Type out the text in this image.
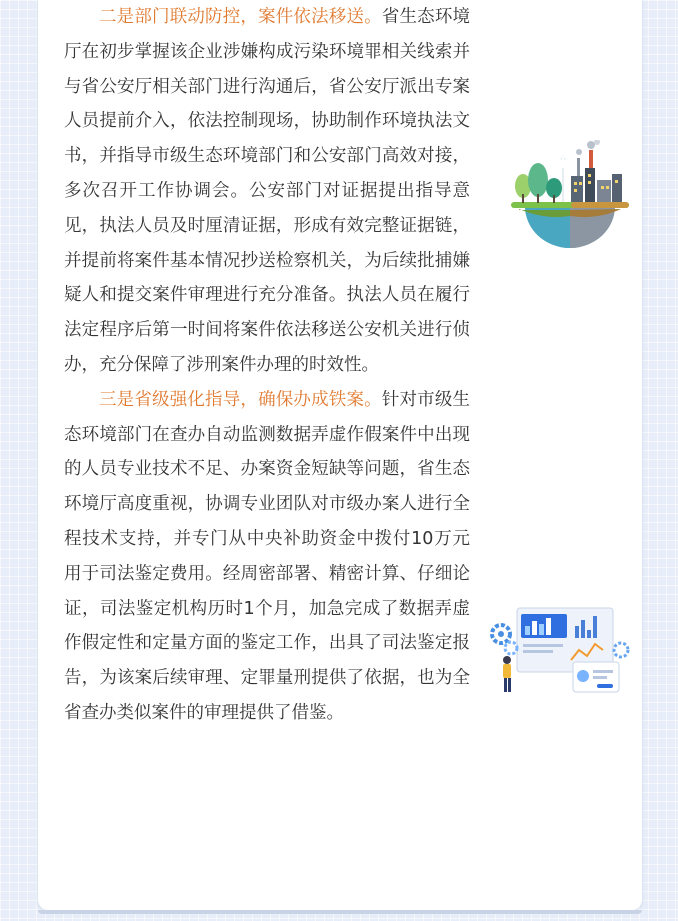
二是部门联动防控，案件依法移送。省生态环境厅在初步掌握该企业涉嫌构成污染环境罪相关线索并与省公安厅相关部门进行沟通后，省公安厅派出专案人员提前介入，依法控制现场，协助制作环境执法文书，并指导市级生态环境部门和公安部门高效对接，多次召开工作协调会。公安部门对证据提出指导意见，执法人员及时厘清证据，形成有效完整证据链，并提前将案件基本情况抄送检察机关，为后续批捕嫌疑人和提交案件审理进行充分准备。执法人员在履行法定程序后第一时间将案件依法移送公安机关进行侦办，充分保障了涉刑案件办理的时效性。

三是省级强化指导，确保办成铁案。针对市级生态环境部门在查办自动监测数据弄虚作假案件中出现的人员专业技术不足、办案资金短缺等问题，省生态环境厅高度重视，协调专业团队对市级办案人进行全程技术支持，并专门从中央补助资金中拨付10万元用于司法鉴定费用。经周密部署、精密计算、仔细论证，司法鉴定机构历时1个月，加急完成了数据弄虚作假定性和定量方面的鉴定工作，出具了司法鉴定报告，为该案后续审理、定罪量刑提供了依据，也为全省查办类似案件的审理提供了借鉴。
